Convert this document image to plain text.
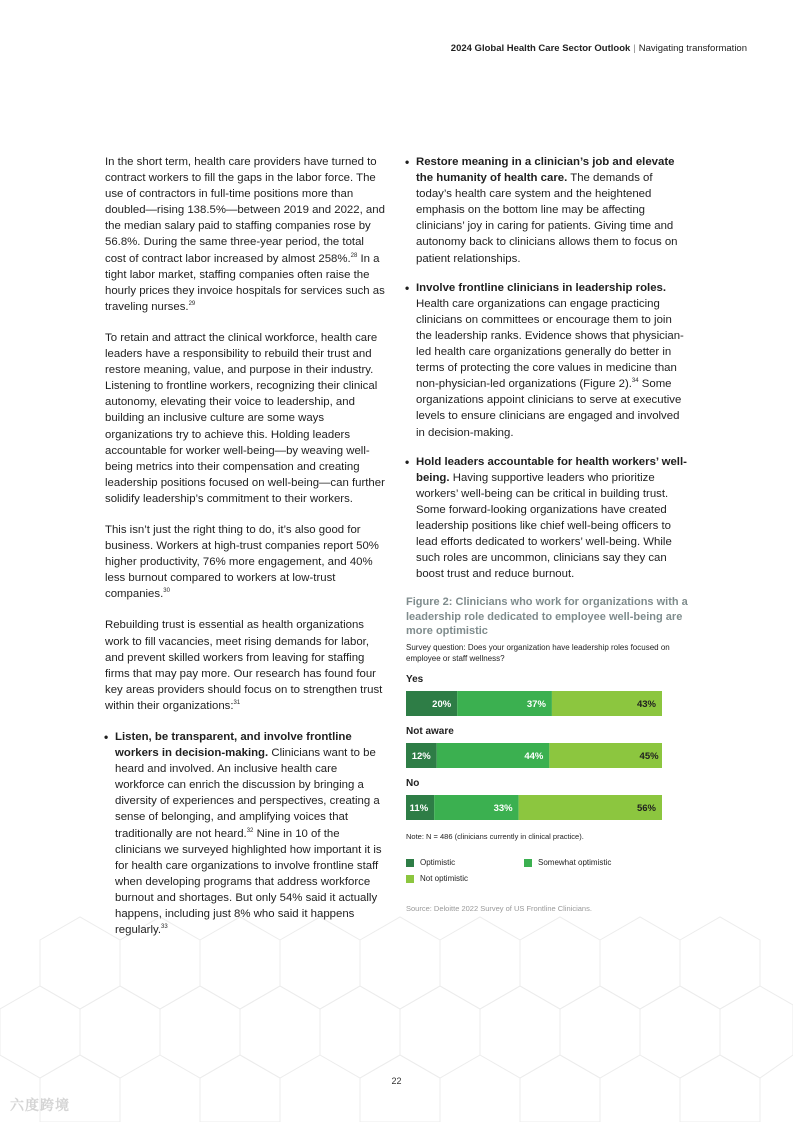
2024 Global Health Care Sector Outlook | Navigating transformation

In the short term, health care providers have turned to contract workers to fill the gaps in the labor force. The use of contractors in full-time positions more than doubled—rising 138.5%—between 2019 and 2022, and the median salary paid to staffing companies rose by 56.8%. During the same three-year period, the total cost of contract labor increased by almost 258%.$^{28}$ In a tight labor market, staffing companies often raise the hourly prices they invoice hospitals for services such as traveling nurses.$^{29}$

To retain and attract the clinical workforce, health care leaders have a responsibility to rebuild their trust and restore meaning, value, and purpose in their industry. Listening to frontline workers, recognizing their clinical autonomy, elevating their voice to leadership, and building an inclusive culture are some ways organizations try to achieve this. Holding leaders accountable for worker well-being—by weaving well-being metrics into their compensation and creating leadership positions focused on well-being—can further solidify leadership’s commitment to their workers.

This isn’t just the right thing to do, it’s also good for business. Workers at high-trust companies report 50% higher productivity, 76% more engagement, and 40% less burnout compared to workers at low-trust companies.$^{30}$

Rebuilding trust is essential as health organizations work to fill vacancies, meet rising demands for labor, and prevent skilled workers from leaving for staffing firms that may pay more. Our research has found four key areas providers should focus on to strengthen trust within their organizations:$^{31}$

• Listen, be transparent, and involve frontline workers in decision-making. Clinicians want to be heard and involved. An inclusive health care workforce can enrich the discussion by bringing a diversity of experiences and perspectives, creating a sense of belonging, and amplifying voices that traditionally are not heard.$^{32}$ Nine in 10 of the clinicians we surveyed highlighted how important it is for health care organizations to involve frontline staff when developing programs that address workforce burnout and shortages. But only 54% said it actually happens, including just 8% who said it happens regularly.$^{33}$
• Restore meaning in a clinician’s job and elevate the humanity of health care. The demands of today’s health care system and the heightened emphasis on the bottom line may be affecting clinicians’ joy in caring for patients. Giving time and autonomy back to clinicians allows them to focus on patient relationships.
• Involve frontline clinicians in leadership roles. Health care organizations can engage practicing clinicians on committees or encourage them to join the leadership ranks. Evidence shows that physician-led health care organizations generally do better in terms of protecting the core values in medicine than non-physician-led organizations (Figure 2).$^{34}$ Some organizations appoint clinicians to serve at executive levels to ensure clinicians are engaged and involved in decision-making.
• Hold leaders accountable for health workers’ well-being. Having supportive leaders who prioritize workers’ well-being can be critical in building trust. Some forward-looking organizations have created leadership positions like chief well-being officers to lead efforts dedicated to workers’ well-being. While such roles are uncommon, clinicians say they can boost trust and reduce burnout.
Figure 2: Clinicians who work for organizations with a leadership role dedicated to employee well-being are more optimistic
Survey question: Does your organization have leadership roles focused on employee or staff wellness?
Yes
20%	37%	43%
Not aware
12%	44%	45%
No
11%	33%	56%
Note: N = 486 (clinicians currently in clinical practice).
Optimistic	Somewhat optimistic
Not optimistic
Source: Deloitte 2022 Survey of US Frontline Clinicians.
22
六度跨境
